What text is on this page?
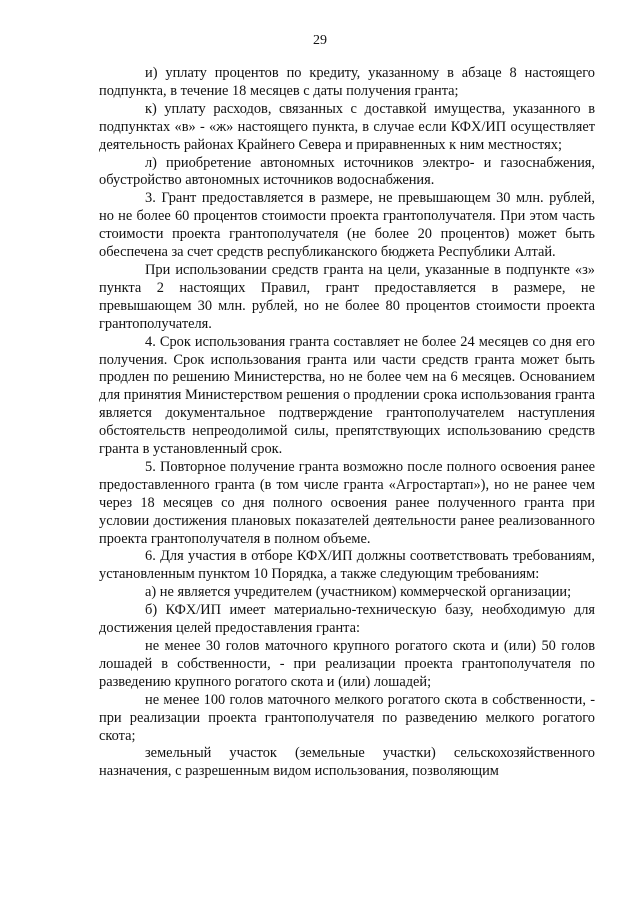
29

и) уплату процентов по кредиту, указанному в абзаце 8 настоящего подпункта, в течение 18 месяцев с даты получения гранта;

к) уплату расходов, связанных с доставкой имущества, указанного в подпунктах «в» - «ж» настоящего пункта, в случае если КФХ/ИП осуществляет деятельность районах Крайнего Севера и приравненных к ним местностях;

л) приобретение автономных источников электро- и газоснабжения, обустройство автономных источников водоснабжения.

3. Грант предоставляется в размере, не превышающем 30 млн. рублей, но не более 60 процентов стоимости проекта грантополучателя. При этом часть стоимости проекта грантополучателя (не более 20 процентов) может быть обеспечена за счет средств республиканского бюджета Республики Алтай.

При использовании средств гранта на цели, указанные в подпункте «з» пункта 2 настоящих Правил, грант предоставляется в размере, не превышающем 30 млн. рублей, но не более 80 процентов стоимости проекта грантополучателя.

4. Срок использования гранта составляет не более 24 месяцев со дня его получения. Срок использования гранта или части средств гранта может быть продлен по решению Министерства, но не более чем на 6 месяцев. Основанием для принятия Министерством решения о продлении срока использования гранта является документальное подтверждение грантополучателем наступления обстоятельств непреодолимой силы, препятствующих использованию средств гранта в установленный срок.

5. Повторное получение гранта возможно после полного освоения ранее предоставленного гранта (в том числе гранта «Агростартап»), но не ранее чем через 18 месяцев со дня полного освоения ранее полученного гранта при условии достижения плановых показателей деятельности ранее реализованного проекта грантополучателя в полном объеме.

6. Для участия в отборе КФХ/ИП должны соответствовать требованиям, установленным пунктом 10 Порядка, а также следующим требованиям:

а) не является учредителем (участником) коммерческой организации;

б) КФХ/ИП имеет материально-техническую базу, необходимую для достижения целей предоставления гранта:

не менее 30 голов маточного крупного рогатого скота и (или) 50 голов лошадей в собственности, - при реализации проекта грантополучателя по разведению крупного рогатого скота и (или) лошадей;

не менее 100 голов маточного мелкого рогатого скота в собственности, - при реализации проекта грантополучателя по разведению мелкого рогатого скота;

земельный участок (земельные участки) сельскохозяйственного назначения, с разрешенным видом использования, позволяющим
